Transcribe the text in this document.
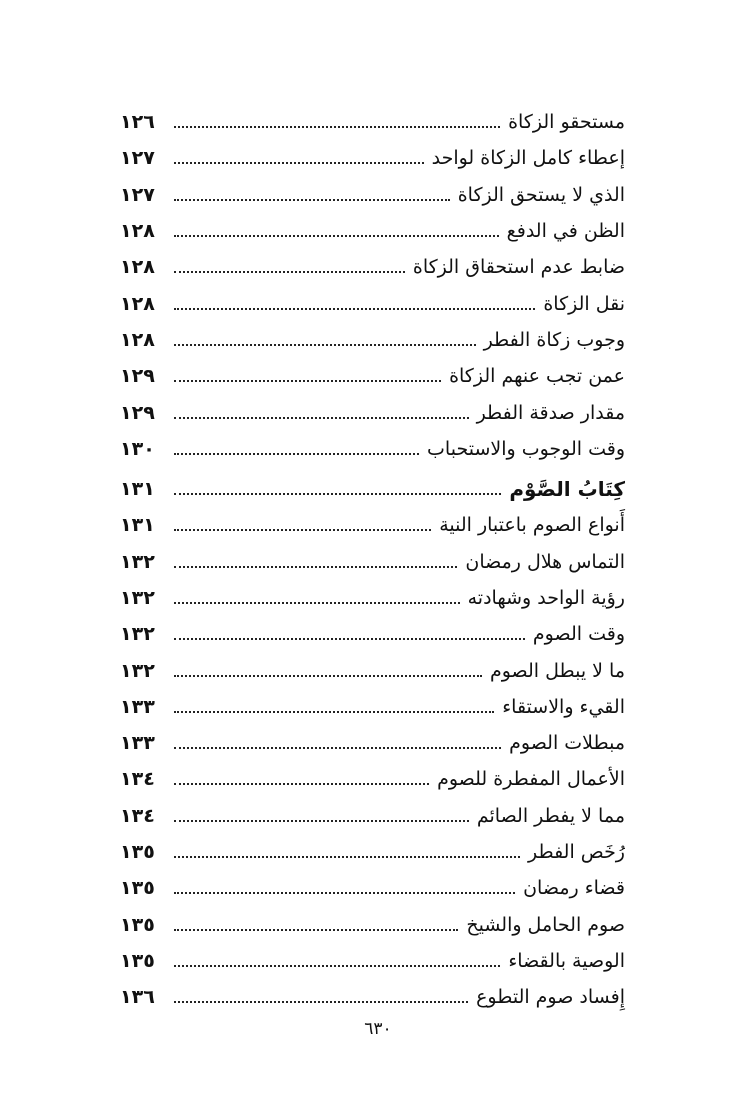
مستحقو الزكاة
١٢٦
إعطاء كامل الزكاة لواحد
١٢٧
الذي لا يستحق الزكاة
١٢٧
الظن في الدفع
١٢٨
ضابط عدم استحقاق الزكاة
١٢٨
نقل الزكاة
١٢٨
وجوب زكاة الفطر
١٢٨
عمن تجب عنهم الزكاة
١٢٩
مقدار صدقة الفطر
١٢٩
وقت الوجوب والاستحباب
١٣٠
كِتَابُ الصَّوْم
١٣١
أَنواع الصوم باعتبار النية
١٣١
التماس هلال رمضان
١٣٢
رؤية الواحد وشهادته
١٣٢
وقت الصوم
١٣٢
ما لا يبطل الصوم
١٣٢
القيء والاستقاء
١٣٣
مبطلات الصوم
١٣٣
الأعمال المفطرة للصوم
١٣٤
مما لا يفطر الصائم
١٣٤
رُخَص الفطر
١٣٥
قضاء رمضان
١٣٥
صوم الحامل والشيخ
١٣٥
الوصية بالقضاء
١٣٥
إِفساد صوم التطوع
١٣٦
٦٣٠
